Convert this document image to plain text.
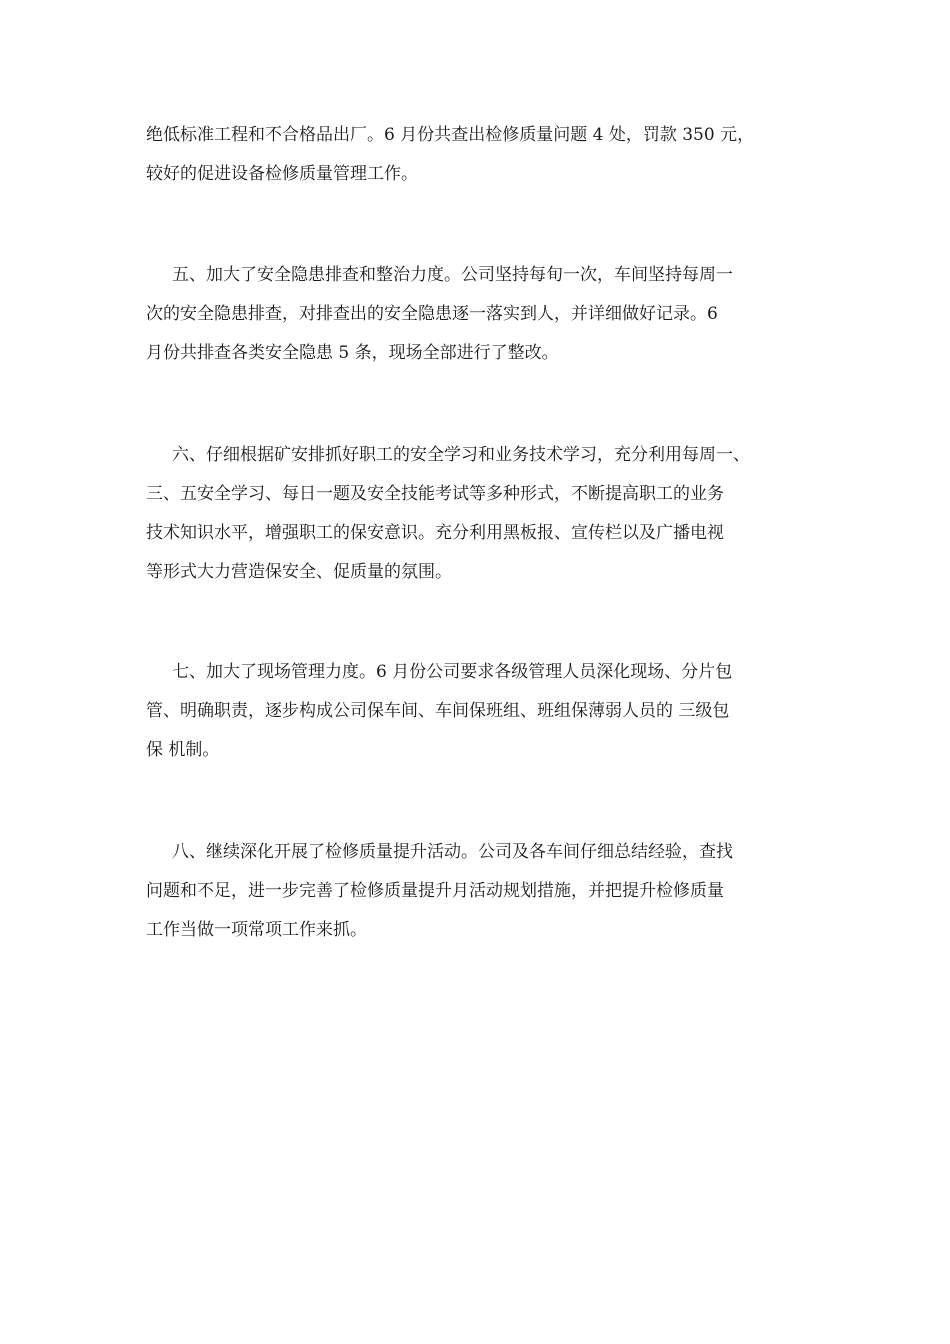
绝低标准工程和不合格品出厂。6 月份共查出检修质量问题 4 处，罚款 350 元，
较好的促进设备检修质量管理工作。
五、加大了安全隐患排查和整治力度。公司坚持每旬一次，车间坚持每周一
次的安全隐患排查，对排查出的安全隐患逐一落实到人，并详细做好记录。6
月份共排查各类安全隐患 5 条，现场全部进行了整改。
六、仔细根据矿安排抓好职工的安全学习和业务技术学习，充分利用每周一、
三、五安全学习、每日一题及安全技能考试等多种形式，不断提高职工的业务
技术知识水平，增强职工的保安意识。充分利用黑板报、宣传栏以及广播电视
等形式大力营造保安全、促质量的氛围。
七、加大了现场管理力度。6 月份公司要求各级管理人员深化现场、分片包
管、明确职责，逐步构成公司保车间、车间保班组、班组保薄弱人员的 三级包
保 机制。
八、继续深化开展了检修质量提升活动。公司及各车间仔细总结经验，查找
问题和不足，进一步完善了检修质量提升月活动规划措施，并把提升检修质量
工作当做一项常项工作来抓。
